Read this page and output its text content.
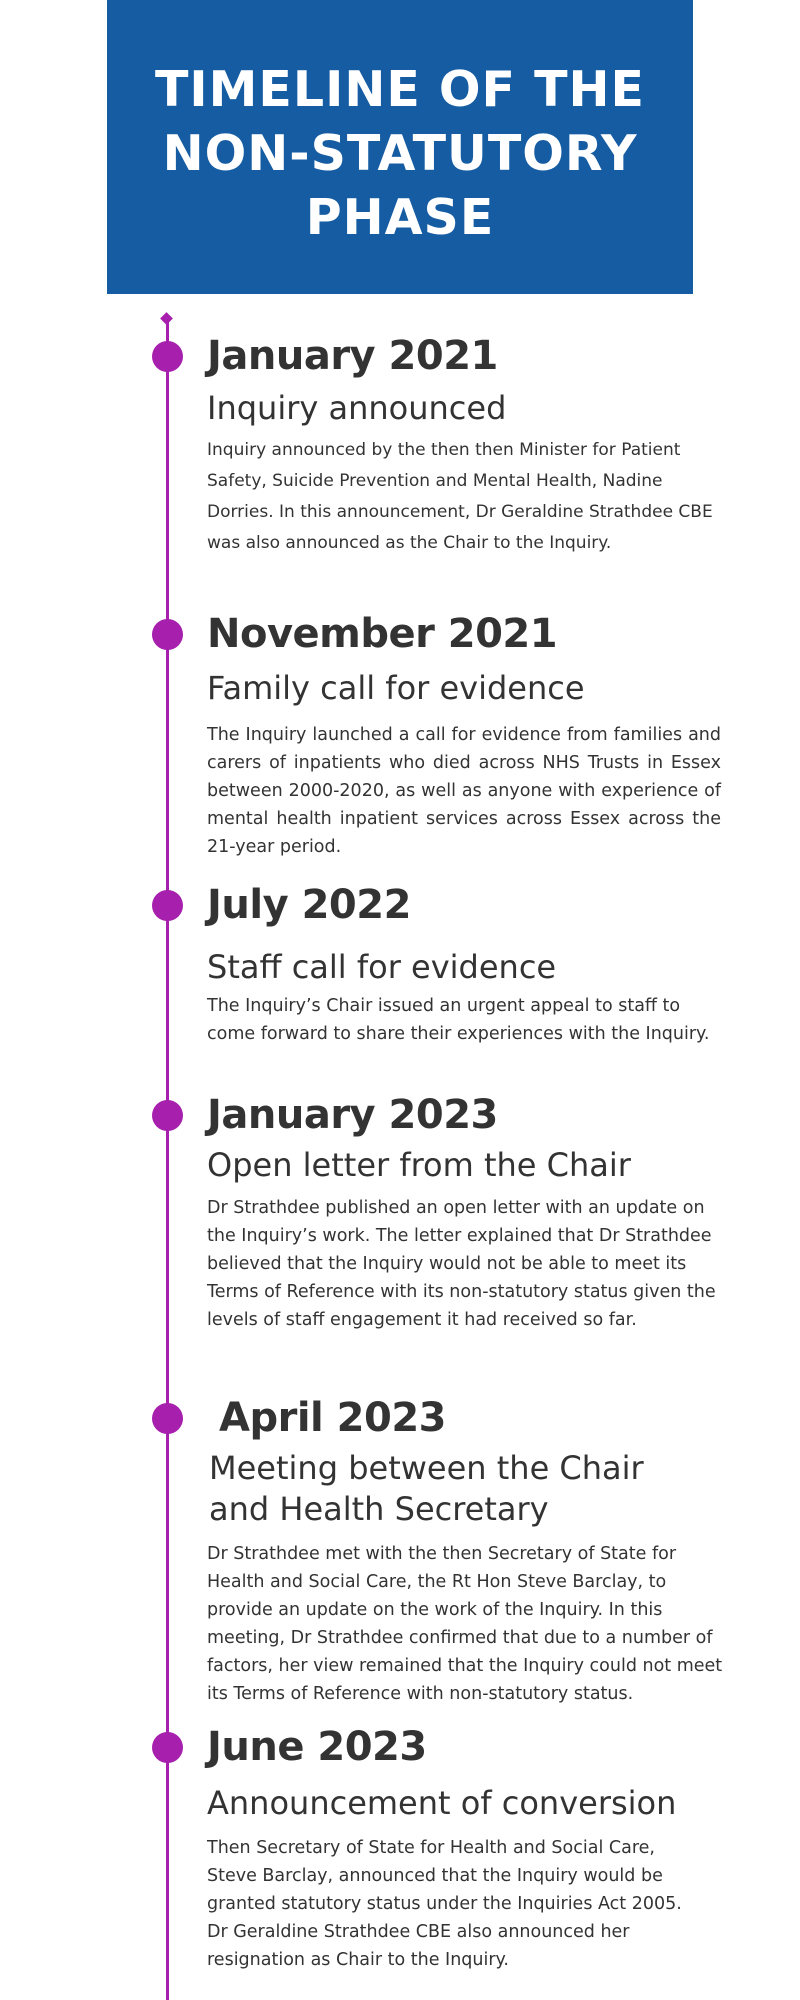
TIMELINE OF THE NON-STATUTORY PHASE
January 2021
Inquiry announced
Inquiry announced by the then then Minister for Patient Safety, Suicide Prevention and Mental Health, Nadine Dorries. In this announcement, Dr Geraldine Strathdee CBE was also announced as the Chair to the Inquiry.
November 2021
Family call for evidence
The Inquiry launched a call for evidence from families and carers of inpatients who died across NHS Trusts in Essex between 2000-2020, as well as anyone with experience of mental health inpatient services across Essex across the 21-year period.
July 2022
Staff call for evidence
The Inquiry’s Chair issued an urgent appeal to staff to come forward to share their experiences with the Inquiry.
January 2023
Open letter from the Chair
Dr Strathdee published an open letter with an update on the Inquiry’s work. The letter explained that Dr Strathdee believed that the Inquiry would not be able to meet its Terms of Reference with its non-statutory status given the levels of staff engagement it had received so far.
April 2023
Meeting between the Chair and Health Secretary
Dr Strathdee met with the then Secretary of State for Health and Social Care, the Rt Hon Steve Barclay, to provide an update on the work of the Inquiry. In this meeting, Dr Strathdee confirmed that due to a number of factors, her view remained that the Inquiry could not meet its Terms of Reference with non-statutory status.
June 2023
Announcement of conversion
Then Secretary of State for Health and Social Care, Steve Barclay, announced that the Inquiry would be granted statutory status under the Inquiries Act 2005. Dr Geraldine Strathdee CBE also announced her resignation as Chair to the Inquiry.
